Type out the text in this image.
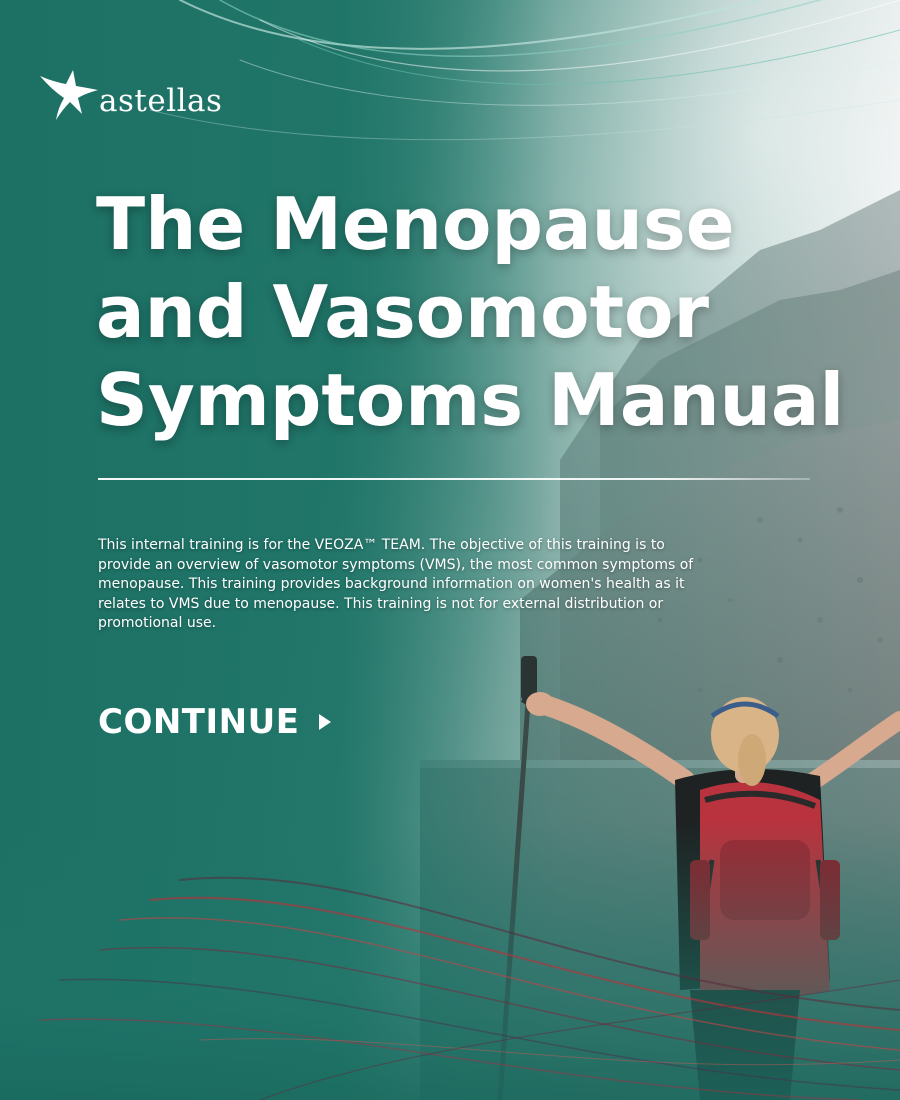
astellas
The Menopause
and Vasomotor
Symptoms Manual

This internal training is for the VEOZA™ TEAM. The objective of this training is to provide an overview of vasomotor symptoms (VMS), the most common symptoms of menopause. This training provides background information on women's health as it relates to VMS due to menopause. This training is not for external distribution or promotional use.

CONTINUE
